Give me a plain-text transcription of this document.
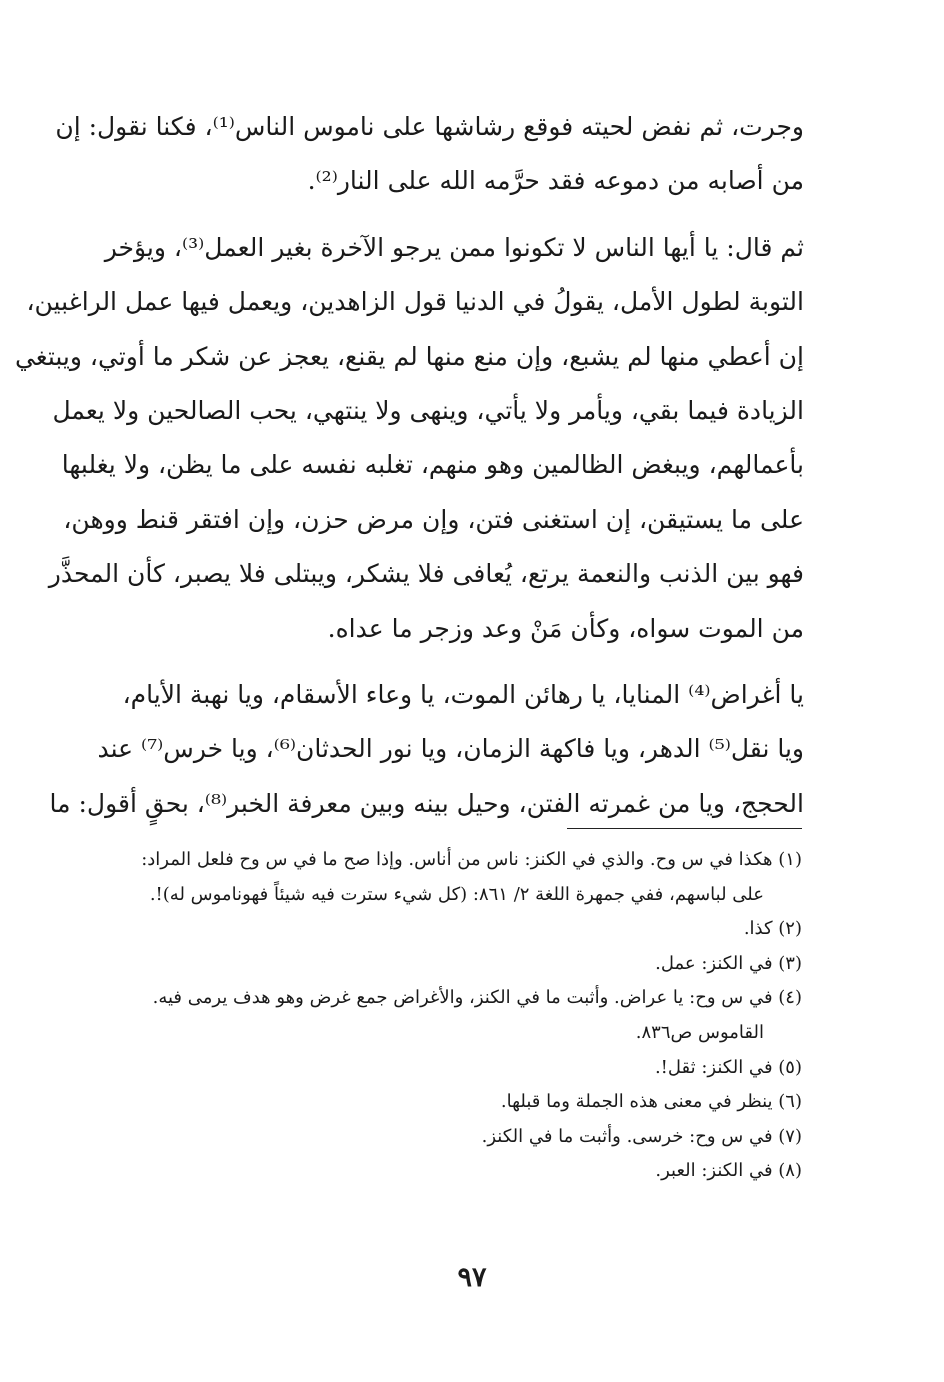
وجرت، ثم نفض لحيته فوقع رشاشها على ناموس الناس⁽¹⁾، فكنا نقول: إن
من أصابه من دموعه فقد حرَّمه الله على النار⁽²⁾.
ثم قال: يا أيها الناس لا تكونوا ممن يرجو الآخرة بغير العمل⁽³⁾، ويؤخر
التوبة لطول الأمل، يقولُ في الدنيا قول الزاهدين، ويعمل فيها عمل الراغبين،
إن أعطي منها لم يشبع، وإن منع منها لم يقنع، يعجز عن شكر ما أوتي، ويبتغي
الزيادة فيما بقي، ويأمر ولا يأتي، وينهى ولا ينتهي، يحب الصالحين ولا يعمل
بأعمالهم، ويبغض الظالمين وهو منهم، تغلبه نفسه على ما يظن، ولا يغلبها
على ما يستيقن، إن استغنى فتن، وإن مرض حزن، وإن افتقر قنط ووهن،
فهو بين الذنب والنعمة يرتع، يُعافى فلا يشكر، ويبتلى فلا يصبر، كأن المحذَّر
من الموت سواه، وكأن مَنْ وعد وزجر ما عداه.
يا أغراض⁽⁴⁾ المنايا، يا رهائن الموت، يا وعاء الأسقام، ويا نهبة الأيام،
ويا نقل⁽⁵⁾ الدهر، ويا فاكهة الزمان، ويا نور الحدثان⁽⁶⁾، ويا خرس⁽⁷⁾ عند
الحجج، ويا من غمرته الفتن، وحيل بينه وبين معرفة الخبر⁽⁸⁾، بحقٍ أقول: ما
(١) هكذا في س وح. والذي في الكنز: ناس من أناس. وإذا صح ما في س وح فلعل المراد:
على لباسهم، ففي جمهرة اللغة ٢/ ٨٦١: (كل شيء سترت فيه شيئاً فهوناموس له)!.
(٢) كذا.
(٣) في الكنز: عمل.
(٤) في س وح: يا عراض. وأثبت ما في الكنز، والأغراض جمع غرض وهو هدف يرمى فيه.
القاموس ص٨٣٦.
(٥) في الكنز: ثقل!.
(٦) ينظر في معنى هذه الجملة وما قبلها.
(٧) في س وح: خرسى. وأثبت ما في الكنز.
(٨) في الكنز: العبر.
٩٧
